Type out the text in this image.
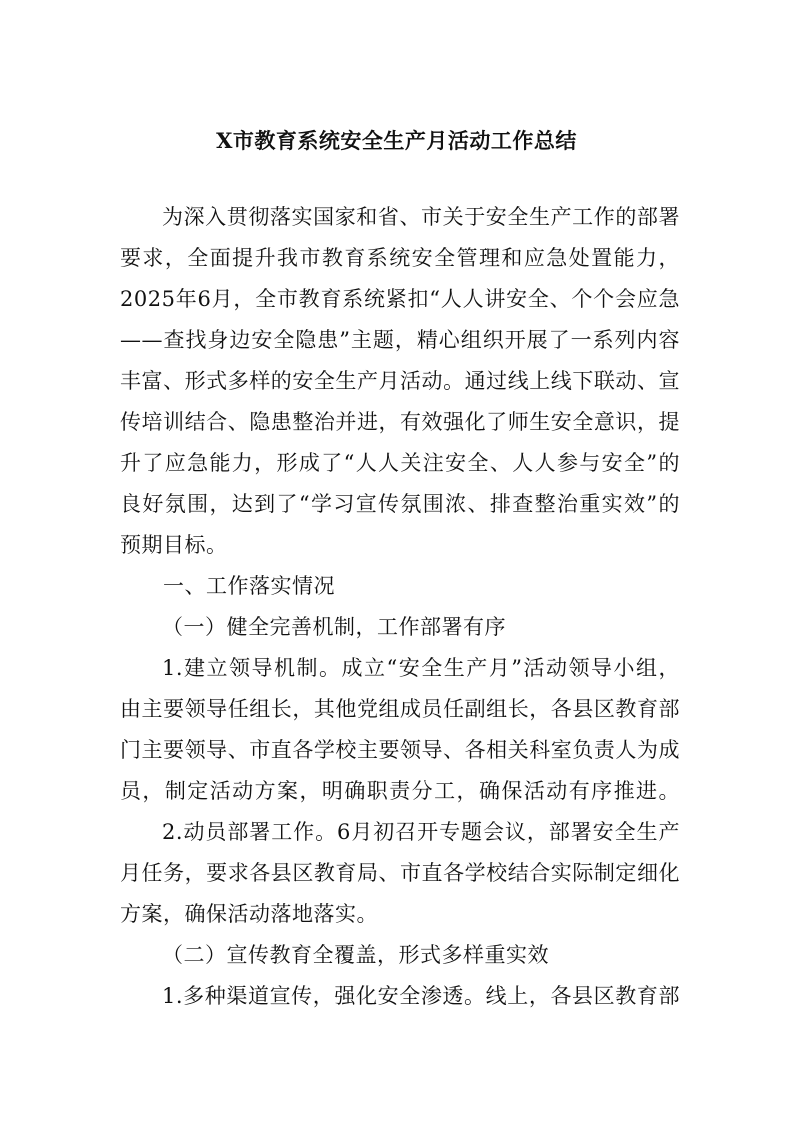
X市教育系统安全生产月活动工作总结
为深入贯彻落实国家和省、市关于安全生产工作的部署
要求，全面提升我市教育系统安全管理和应急处置能力，
2025年6月，全市教育系统紧扣“人人讲安全、个个会应急
——查找身边安全隐患”主题，精心组织开展了一系列内容
丰富、形式多样的安全生产月活动。通过线上线下联动、宣
传培训结合、隐患整治并进，有效强化了师生安全意识，提
升了应急能力，形成了“人人关注安全、人人参与安全”的
良好氛围，达到了“学习宣传氛围浓、排查整治重实效”的
预期目标。
一、工作落实情况
（一）健全完善机制，工作部署有序
1.建立领导机制。成立“安全生产月”活动领导小组，
由主要领导任组长，其他党组成员任副组长，各县区教育部
门主要领导、市直各学校主要领导、各相关科室负责人为成
员，制定活动方案，明确职责分工，确保活动有序推进。
2.动员部署工作。6月初召开专题会议，部署安全生产
月任务，要求各县区教育局、市直各学校结合实际制定细化
方案，确保活动落地落实。
（二）宣传教育全覆盖，形式多样重实效
1.多种渠道宣传，强化安全渗透。线上，各县区教育部
